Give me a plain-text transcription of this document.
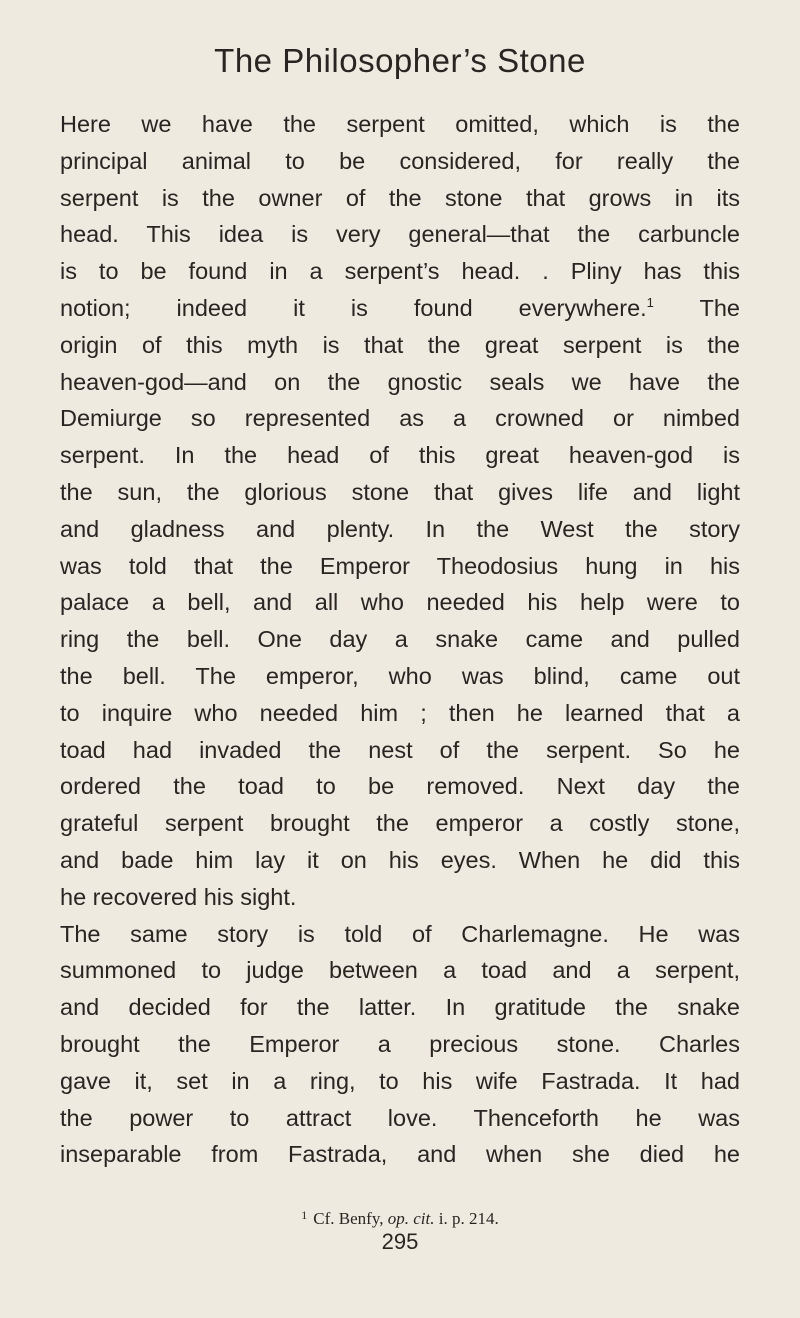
The Philosopher’s Stone
Here we have the serpent omitted, which is the
principal animal to be considered, for really the
serpent is the owner of the stone that grows in its
head. This idea is very general—that the carbuncle
is to be found in a serpent’s head. . Pliny has this
notion; indeed it is found everywhere.$^1$ The
origin of this myth is that the great serpent is the
heaven-god—and on the gnostic seals we have the
Demiurge so represented as a crowned or nimbed
serpent. In the head of this great heaven-god is
the sun, the glorious stone that gives life and light
and gladness and plenty. In the West the story
was told that the Emperor Theodosius hung in his
palace a bell, and all who needed his help were to
ring the bell. One day a snake came and pulled
the bell. The emperor, who was blind, came out
to inquire who needed him ; then he learned that a
toad had invaded the nest of the serpent. So he
ordered the toad to be removed. Next day the
grateful serpent brought the emperor a costly stone,
and bade him lay it on his eyes. When he did this
he recovered his sight.
The same story is told of Charlemagne. He was
summoned to judge between a toad and a serpent,
and decided for the latter. In gratitude the snake
brought the Emperor a precious stone. Charles
gave it, set in a ring, to his wife Fastrada. It had
the power to attract love. Thenceforth he was
inseparable from Fastrada, and when she died he
$^1$ Cf. Benfy, op. cit. i. p. 214.
295
